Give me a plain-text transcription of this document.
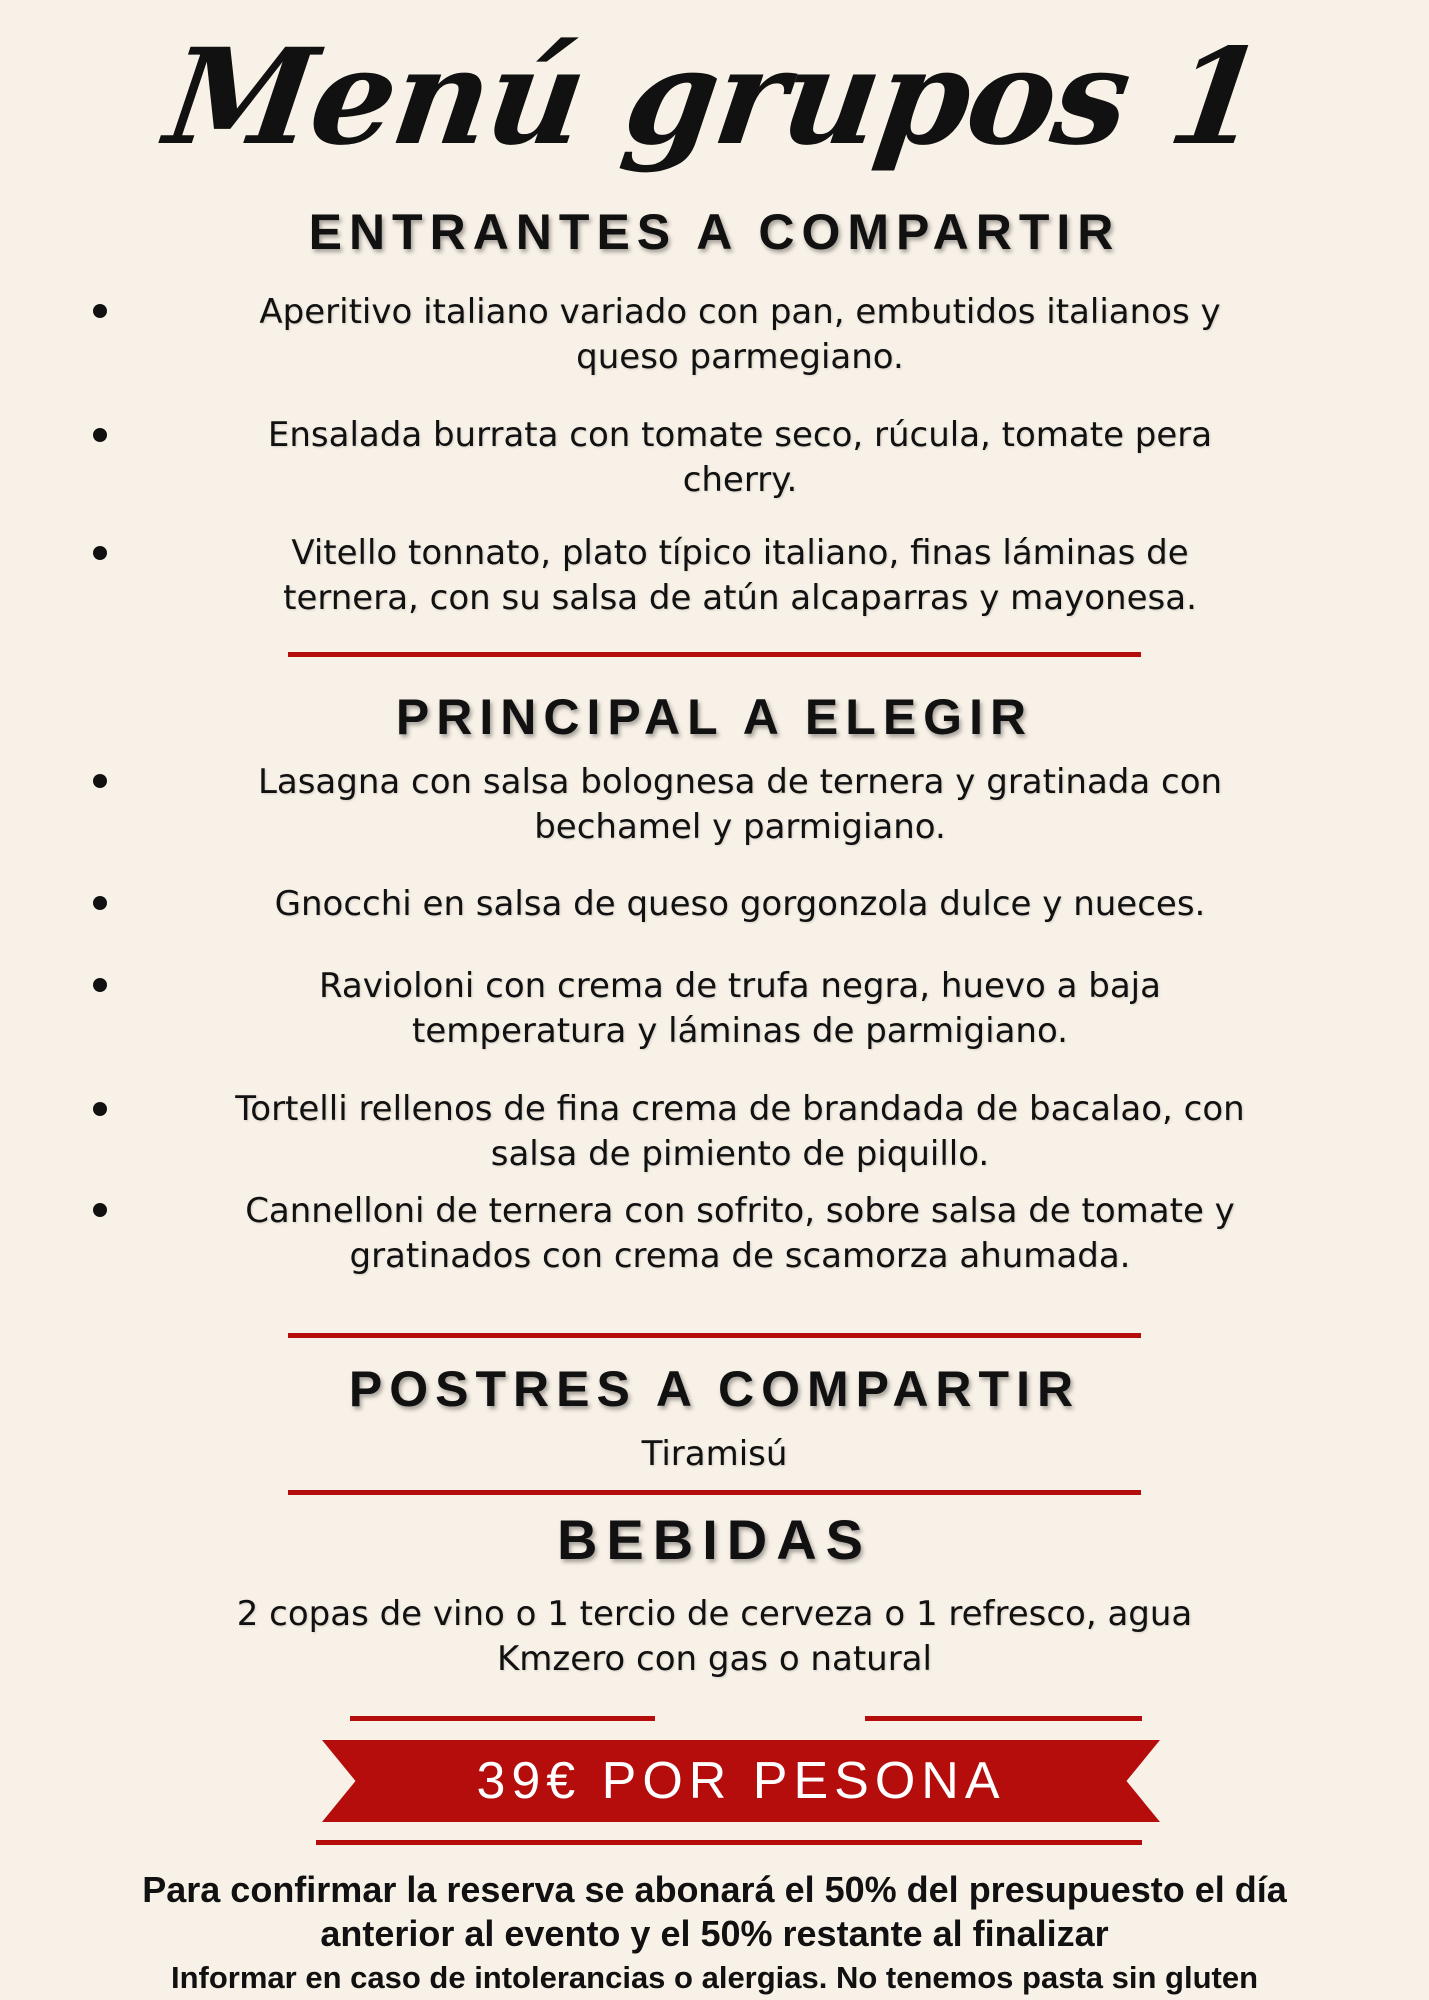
Menú grupos 1
ENTRANTES A COMPARTIR
Aperitivo italiano variado con pan, embutidos italianos y
queso parmegiano.
Ensalada burrata con tomate seco, rúcula, tomate pera
cherry.
Vitello tonnato, plato típico italiano, finas láminas de
ternera, con su salsa de atún alcaparras y mayonesa.
PRINCIPAL A ELEGIR
Lasagna con salsa bolognesa de ternera y gratinada con
bechamel y parmigiano.
Gnocchi en salsa de queso gorgonzola dulce y nueces.
Ravioloni con crema de trufa negra, huevo a baja
temperatura y láminas de parmigiano.
Tortelli rellenos de fina crema de brandada de bacalao, con
salsa de pimiento de piquillo.
Cannelloni de ternera con sofrito, sobre salsa de tomate y
gratinados con crema de scamorza ahumada.
POSTRES A COMPARTIR
Tiramisú
BEBIDAS
2 copas de vino o 1 tercio de cerveza o 1 refresco, agua
Kmzero con gas o natural
39€ POR PESONA
Para confirmar la reserva se abonará el 50% del presupuesto el día
anterior al evento y el 50% restante al finalizar
Informar en caso de intolerancias o alergias. No tenemos pasta sin gluten
